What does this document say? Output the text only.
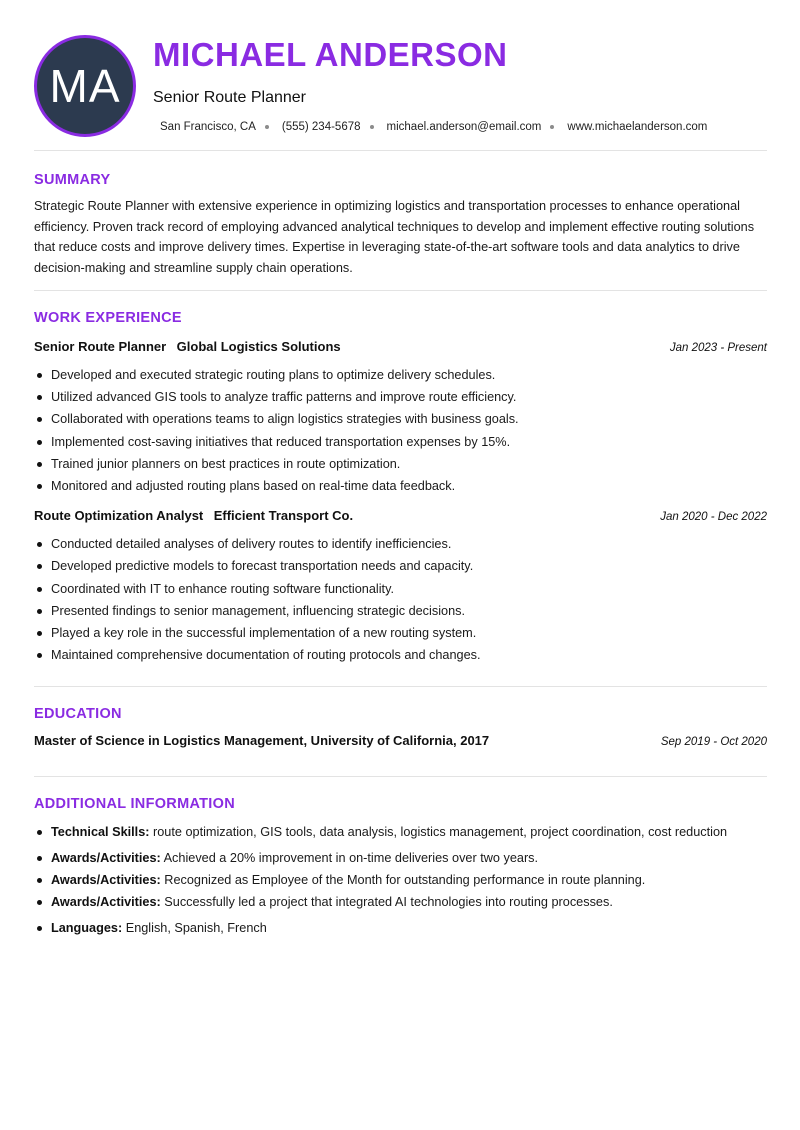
MA
MICHAEL ANDERSON
Senior Route Planner
San Francisco, CA (555) 234-5678 michael.anderson@email.com www.michaelanderson.com
SUMMARY

Strategic Route Planner with extensive experience in optimizing logistics and transportation processes to enhance operational efficiency. Proven track record of employing advanced analytical techniques to develop and implement effective routing solutions that reduce costs and improve delivery times. Expertise in leveraging state-of-the-art software tools and data analytics to drive decision-making and streamline supply chain operations.

WORK EXPERIENCE
Senior Route Planner Global Logistics Solutions	Jan 2023 - Present
Developed and executed strategic routing plans to optimize delivery schedules.
Utilized advanced GIS tools to analyze traffic patterns and improve route efficiency.
Collaborated with operations teams to align logistics strategies with business goals.
Implemented cost-saving initiatives that reduced transportation expenses by 15%.
Trained junior planners on best practices in route optimization.
Monitored and adjusted routing plans based on real-time data feedback.
Route Optimization Analyst Efficient Transport Co.	Jan 2020 - Dec 2022
Conducted detailed analyses of delivery routes to identify inefficiencies.
Developed predictive models to forecast transportation needs and capacity.
Coordinated with IT to enhance routing software functionality.
Presented findings to senior management, influencing strategic decisions.
Played a key role in the successful implementation of a new routing system.
Maintained comprehensive documentation of routing protocols and changes.
EDUCATION
Master of Science in Logistics Management, University of California, 2017	Sep 2019 - Oct 2020
ADDITIONAL INFORMATION
Technical Skills: route optimization, GIS tools, data analysis, logistics management, project coordination, cost reduction
Awards/Activities: Achieved a 20% improvement in on-time deliveries over two years.
Awards/Activities: Recognized as Employee of the Month for outstanding performance in route planning.
Awards/Activities: Successfully led a project that integrated AI technologies into routing processes.
Languages: English, Spanish, French
